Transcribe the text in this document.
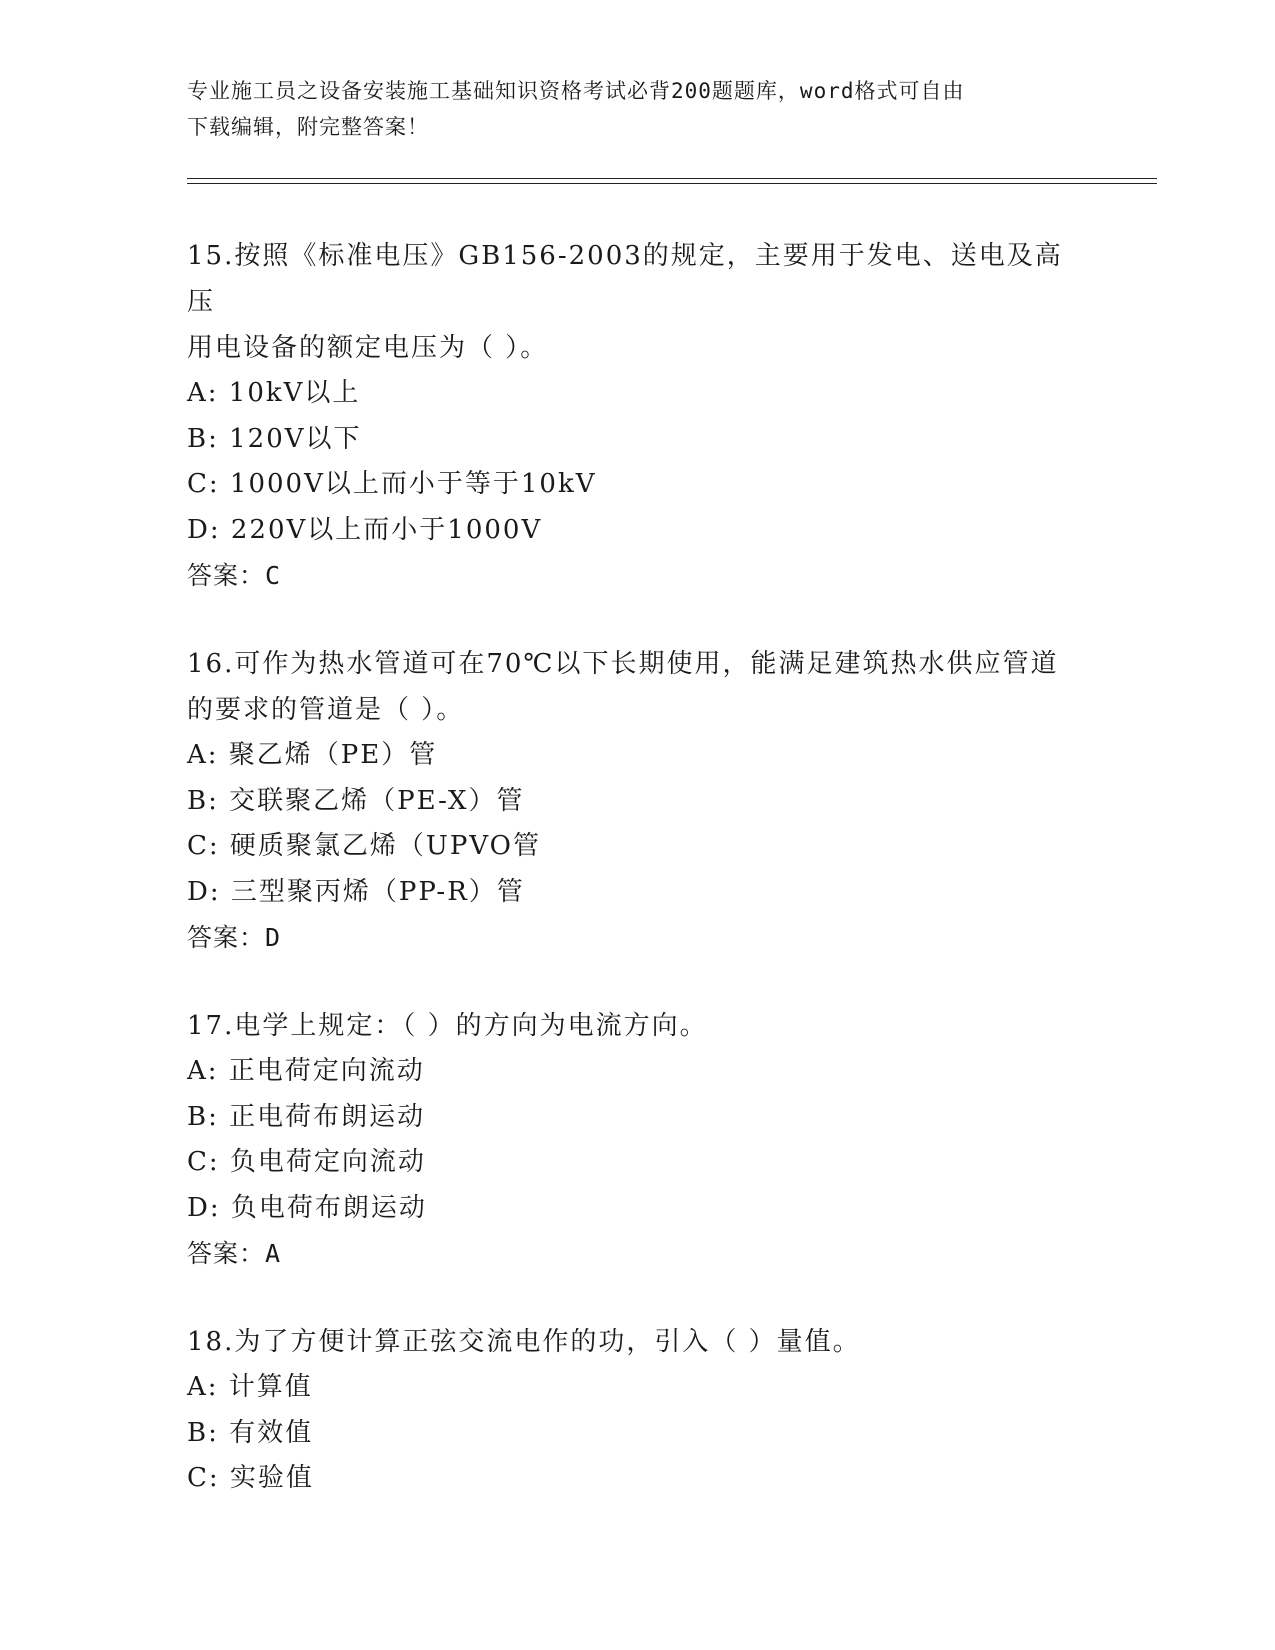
专业施工员之设备安装施工基础知识资格考试必背200题题库，word格式可自由
下载编辑，附完整答案！

15.按照《标准电压》GB156-2003的规定，主要用于发电、送电及高压

用电设备的额定电压为（ ）。

A: 10kV以上

B: 120V以下

C: 1000V以上而小于等于10kV

D: 220V以上而小于1000V

答案：C

16.可作为热水管道可在70℃以下长期使用，能满足建筑热水供应管道

的要求的管道是（ ）。

A: 聚乙烯（PE）管

B: 交联聚乙烯（PE-X）管

C: 硬质聚氯乙烯（UPVO管

D: 三型聚丙烯（PP-R）管

答案：D

17.电学上规定：（ ）的方向为电流方向。

A: 正电荷定向流动

B: 正电荷布朗运动

C: 负电荷定向流动

D: 负电荷布朗运动

答案：A

18.为了方便计算正弦交流电作的功，引入（ ）量值。

A: 计算值

B: 有效值

C: 实验值
